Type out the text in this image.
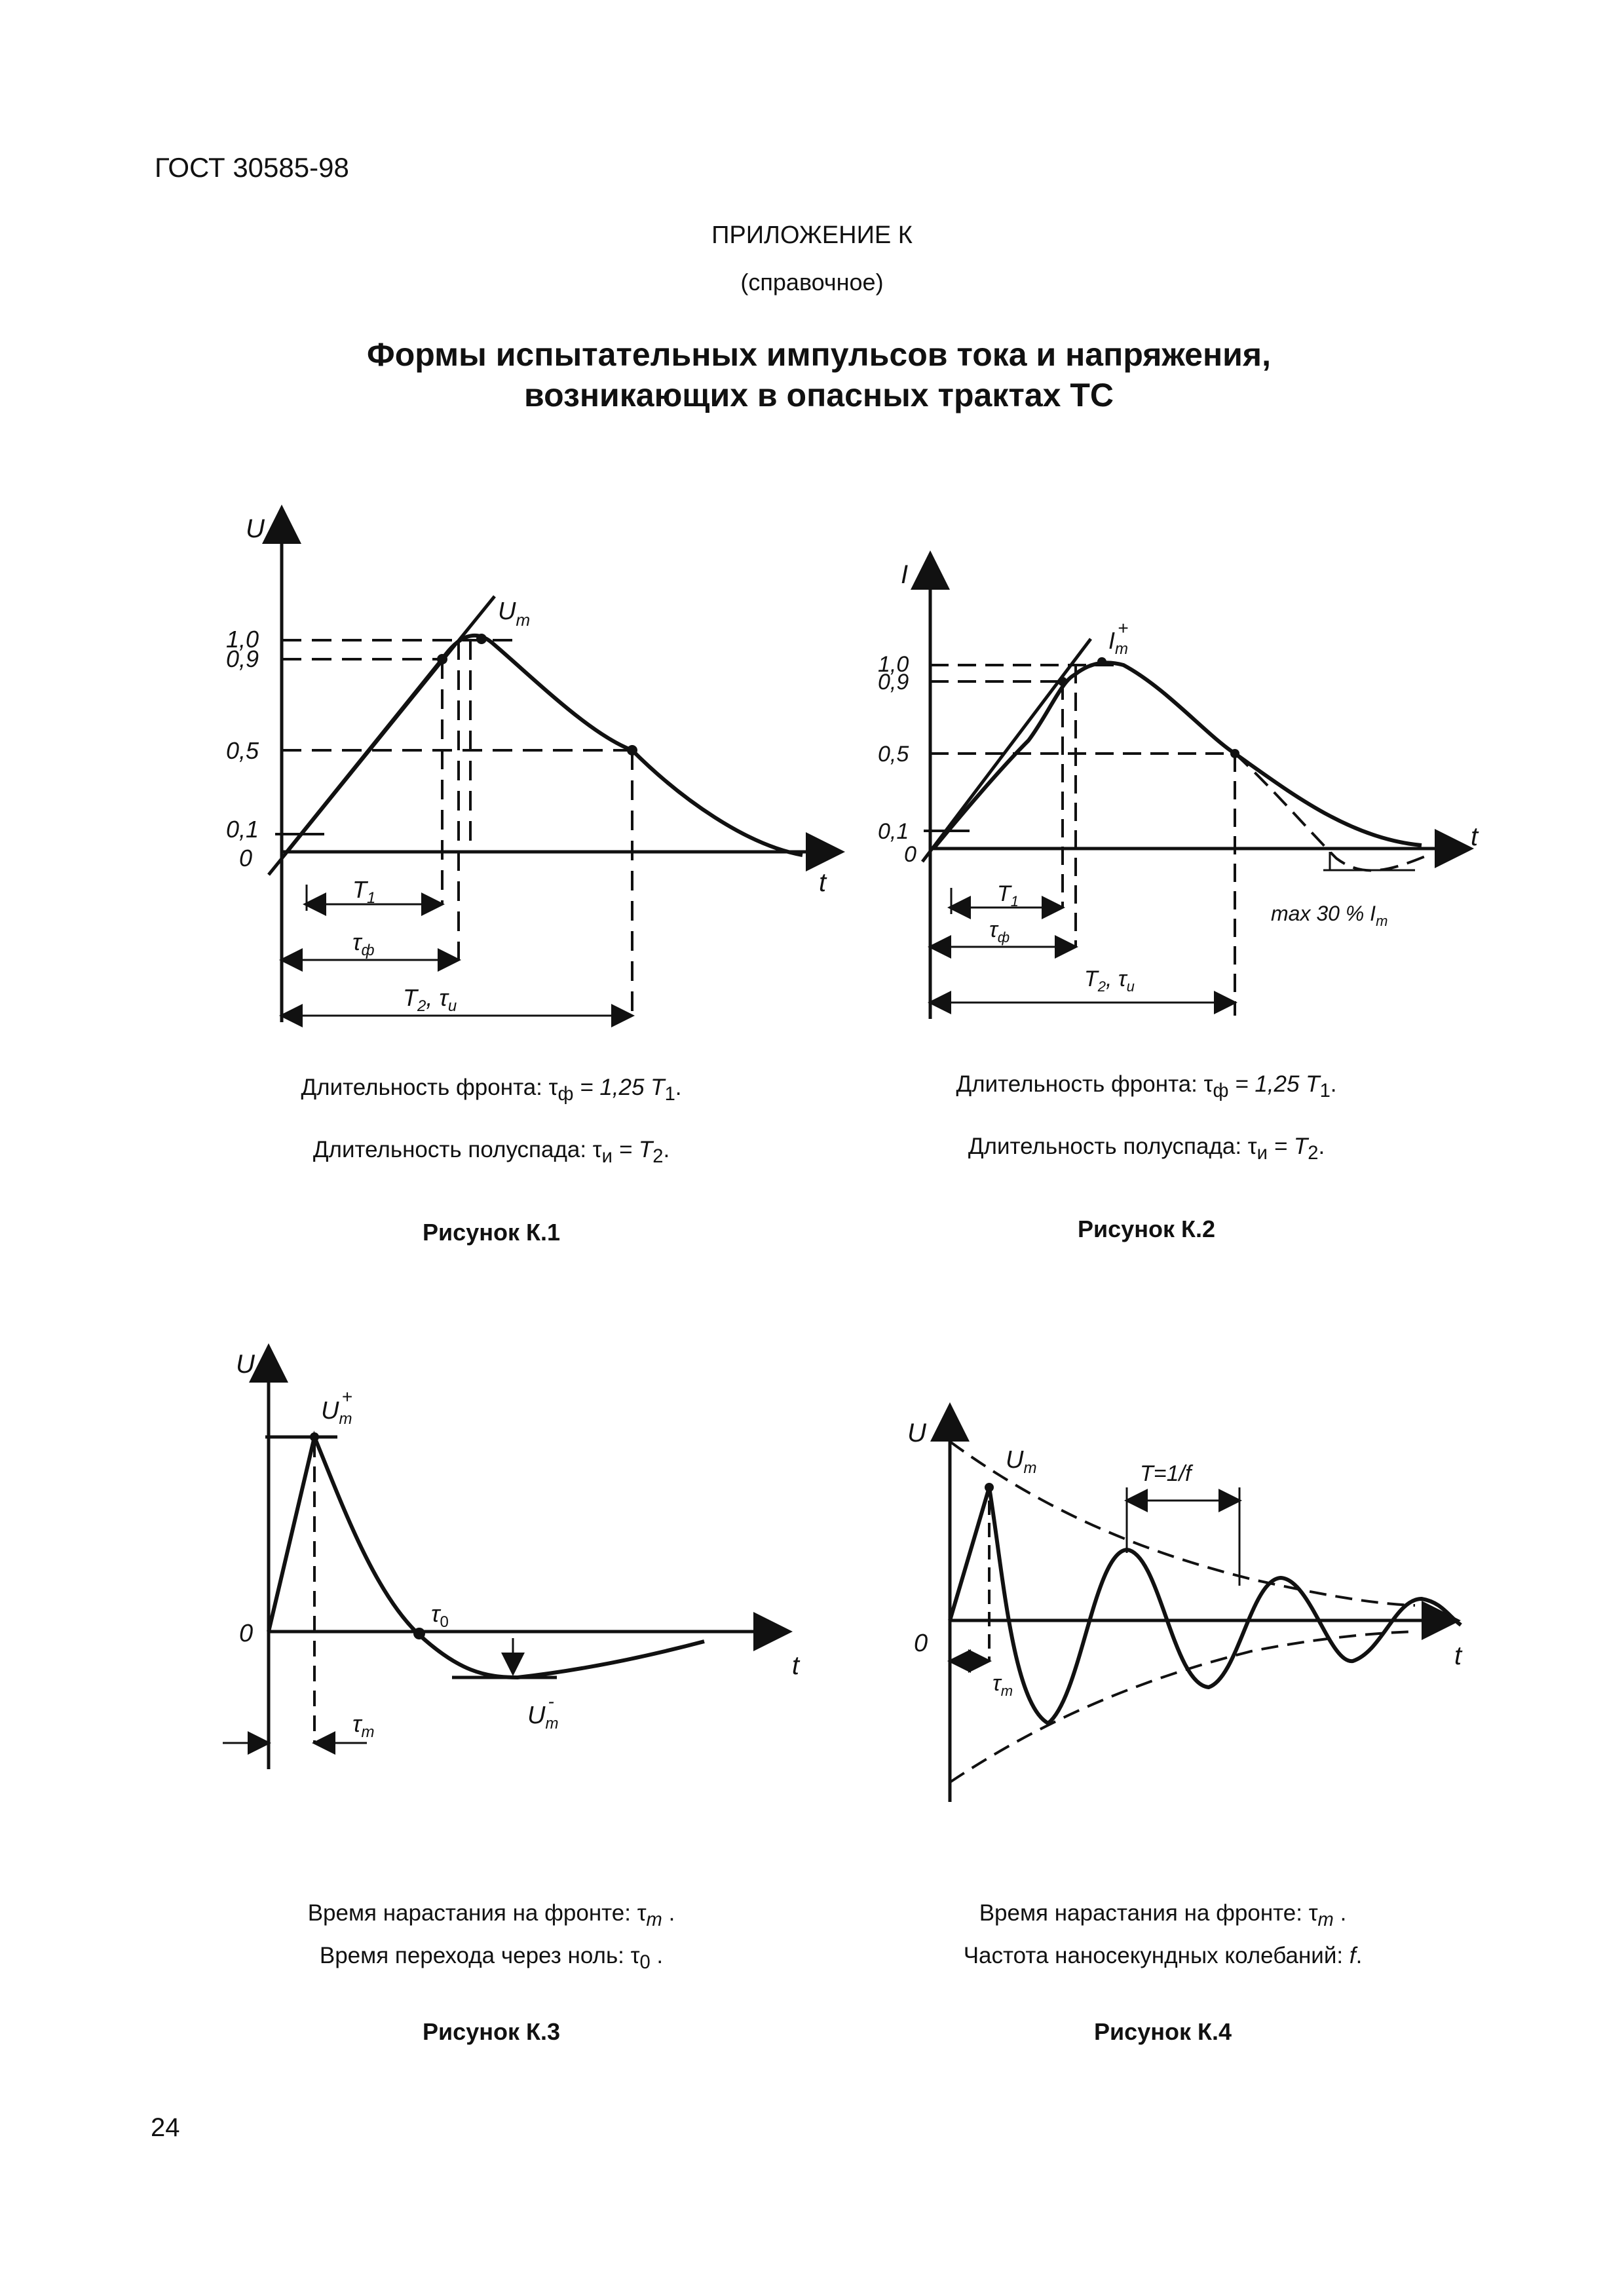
ГОСТ 30585-98
ПРИЛОЖЕНИЕ К
(справочное)
Формы испытательных импульсов тока и напряжения,
возникающих в опасных трактах ТС
U
t
$U_m$
1,0
0,9
0,5
0,1
0
$T_1$
$\tau_ф$
$T_2$, $\tau_и$
Длительность фронта: $\tau_ф = 1,25$ $T_1$.
Длительность полуспада: $\tau_и = T_2$.
Рисунок К.1
I
t
$I_m+$
1,0
0,9
0,5
0,1
0
max 30 % $I_m$
$T_1$
$\tau_ф$
$T_2$, $\tau_и$
Длительность фронта: $\tau_ф = 1,25$ $T_1$.
Длительность полуспада: $\tau_и = T_2$.
Рисунок К.2
U
t
0
$U_m+$
$U_m-$
$\tau_0$
$\tau_m$
Время нарастания на фронте: $\tau_m$ .
Время перехода через ноль: $\tau_0$ .
Рисунок К.3
U
t
0
$U_m$	T=1/f
$\tau_m$
Время нарастания на фронте: $\tau_m$ .
Частота наносекундных колебаний: f.
Рисунок К.4
24
